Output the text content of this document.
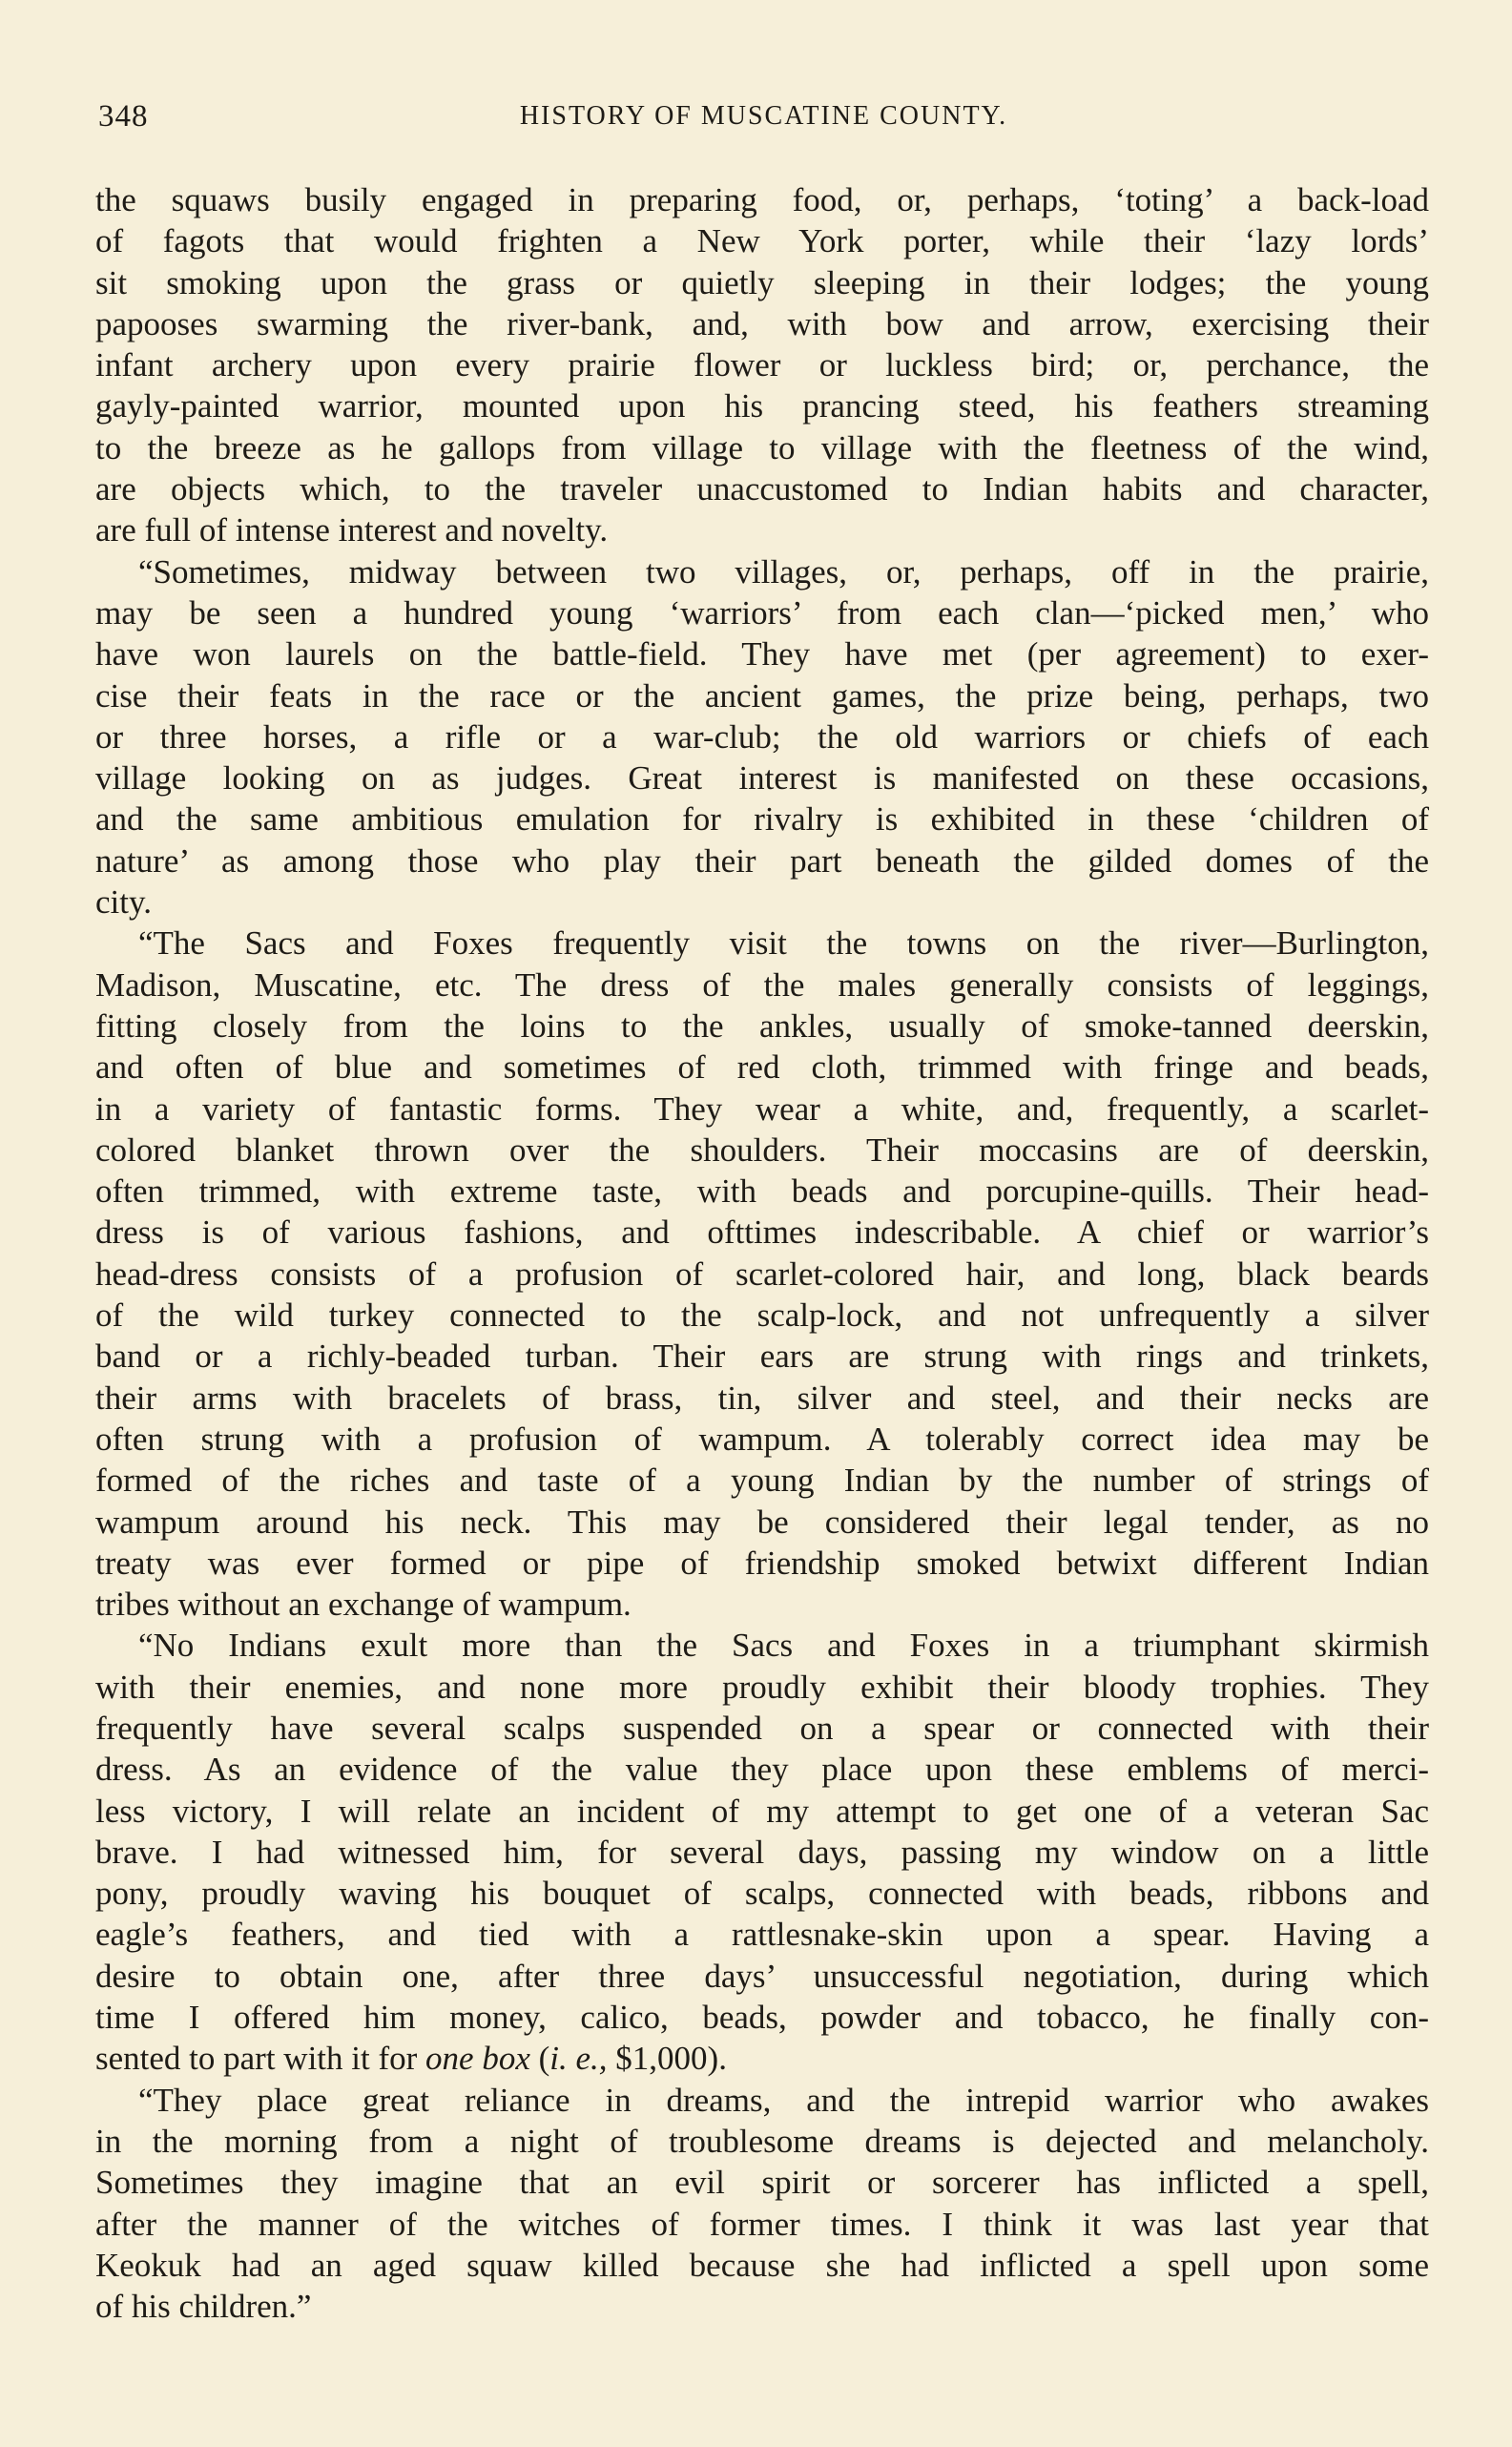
348	HISTORY OF MUSCATINE COUNTY.
the squaws busily engaged in preparing food, or, perhaps, ‘toting’ a back-load
of fagots that would frighten a New York porter, while their ‘lazy lords’
sit smoking upon the grass or quietly sleeping in their lodges; the young
papooses swarming the river-bank, and, with bow and arrow, exercising their
infant archery upon every prairie flower or luckless bird; or, perchance, the
gayly-painted warrior, mounted upon his prancing steed, his feathers streaming
to the breeze as he gallops from village to village with the fleetness of the wind,
are objects which, to the traveler unaccustomed to Indian habits and character,
are full of intense interest and novelty.
“Sometimes, midway between two villages, or, perhaps, off in the prairie,
may be seen a hundred young ‘warriors’ from each clan—‘picked men,’ who
have won laurels on the battle-field. They have met (per agreement) to exer-
cise their feats in the race or the ancient games, the prize being, perhaps, two
or three horses, a rifle or a war-club; the old warriors or chiefs of each
village looking on as judges. Great interest is manifested on these occasions,
and the same ambitious emulation for rivalry is exhibited in these ‘children of
nature’ as among those who play their part beneath the gilded domes of the
city.
“The Sacs and Foxes frequently visit the towns on the river—Burlington,
Madison, Muscatine, etc. The dress of the males generally consists of leggings,
fitting closely from the loins to the ankles, usually of smoke-tanned deerskin,
and often of blue and sometimes of red cloth, trimmed with fringe and beads,
in a variety of fantastic forms. They wear a white, and, frequently, a scarlet-
colored blanket thrown over the shoulders. Their moccasins are of deerskin,
often trimmed, with extreme taste, with beads and porcupine-quills. Their head-
dress is of various fashions, and ofttimes indescribable. A chief or warrior’s
head-dress consists of a profusion of scarlet-colored hair, and long, black beards
of the wild turkey connected to the scalp-lock, and not unfrequently a silver
band or a richly-beaded turban. Their ears are strung with rings and trinkets,
their arms with bracelets of brass, tin, silver and steel, and their necks are
often strung with a profusion of wampum. A tolerably correct idea may be
formed of the riches and taste of a young Indian by the number of strings of
wampum around his neck. This may be considered their legal tender, as no
treaty was ever formed or pipe of friendship smoked betwixt different Indian
tribes without an exchange of wampum.
“No Indians exult more than the Sacs and Foxes in a triumphant skirmish
with their enemies, and none more proudly exhibit their bloody trophies. They
frequently have several scalps suspended on a spear or connected with their
dress. As an evidence of the value they place upon these emblems of merci-
less victory, I will relate an incident of my attempt to get one of a veteran Sac
brave. I had witnessed him, for several days, passing my window on a little
pony, proudly waving his bouquet of scalps, connected with beads, ribbons and
eagle’s feathers, and tied with a rattlesnake-skin upon a spear. Having a
desire to obtain one, after three days’ unsuccessful negotiation, during which
time I offered him money, calico, beads, powder and tobacco, he finally con-
sented to part with it for one box (i. e., $1,000).
“They place great reliance in dreams, and the intrepid warrior who awakes
in the morning from a night of troublesome dreams is dejected and melancholy.
Sometimes they imagine that an evil spirit or sorcerer has inflicted a spell,
after the manner of the witches of former times. I think it was last year that
Keokuk had an aged squaw killed because she had inflicted a spell upon some
of his children.”
